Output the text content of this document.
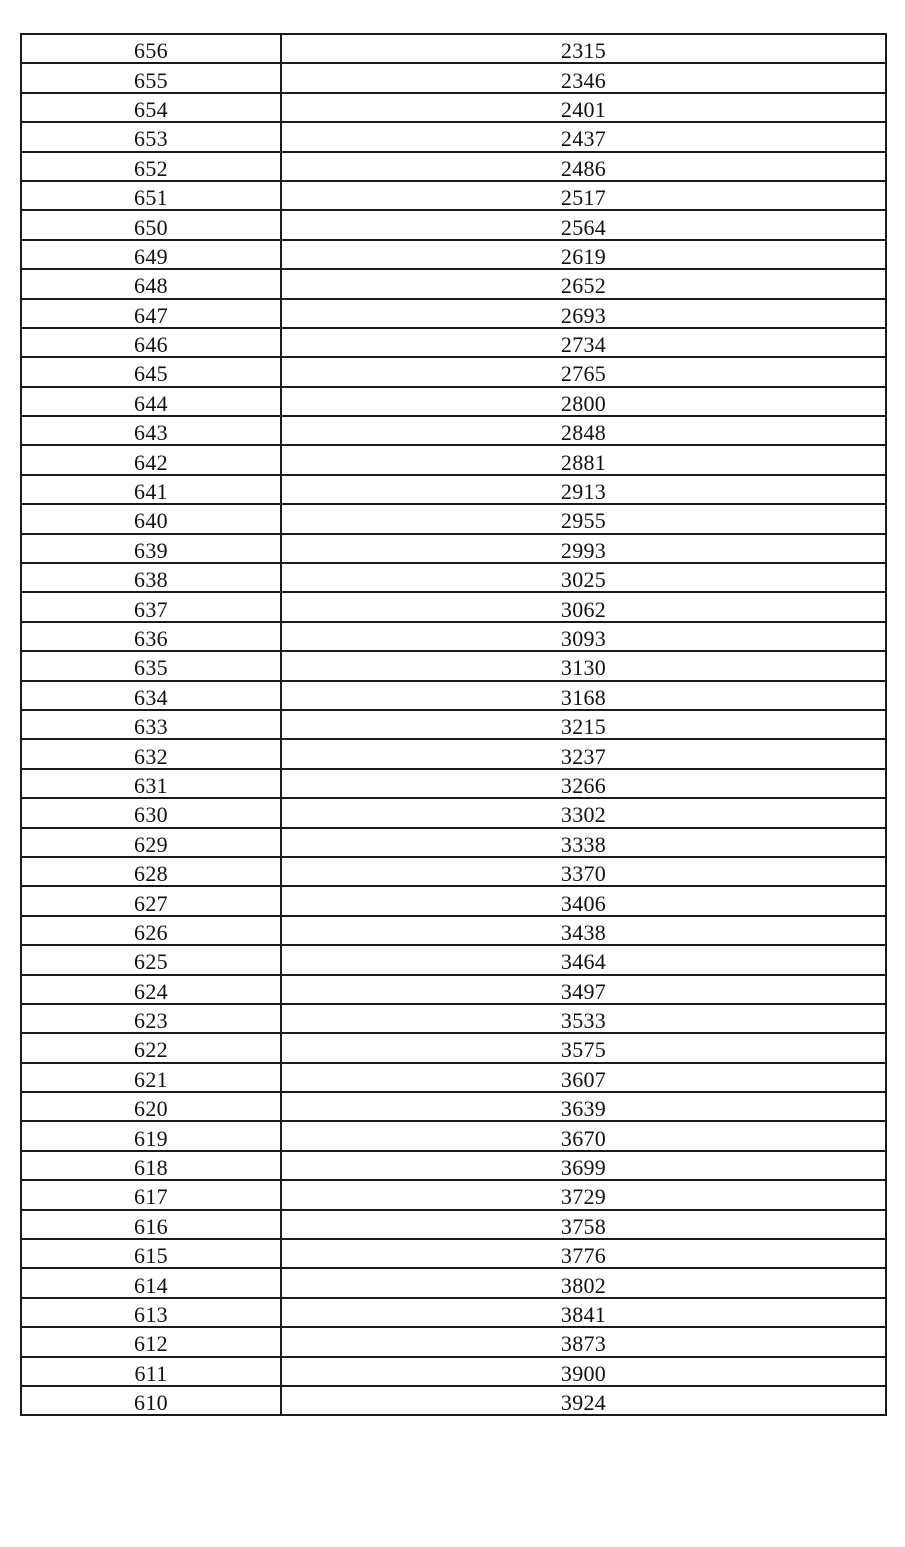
656	2315
655	2346
654	2401
653	2437
652	2486
651	2517
650	2564
649	2619
648	2652
647	2693
646	2734
645	2765
644	2800
643	2848
642	2881
641	2913
640	2955
639	2993
638	3025
637	3062
636	3093
635	3130
634	3168
633	3215
632	3237
631	3266
630	3302
629	3338
628	3370
627	3406
626	3438
625	3464
624	3497
623	3533
622	3575
621	3607
620	3639
619	3670
618	3699
617	3729
616	3758
615	3776
614	3802
613	3841
612	3873
611	3900
610	3924
